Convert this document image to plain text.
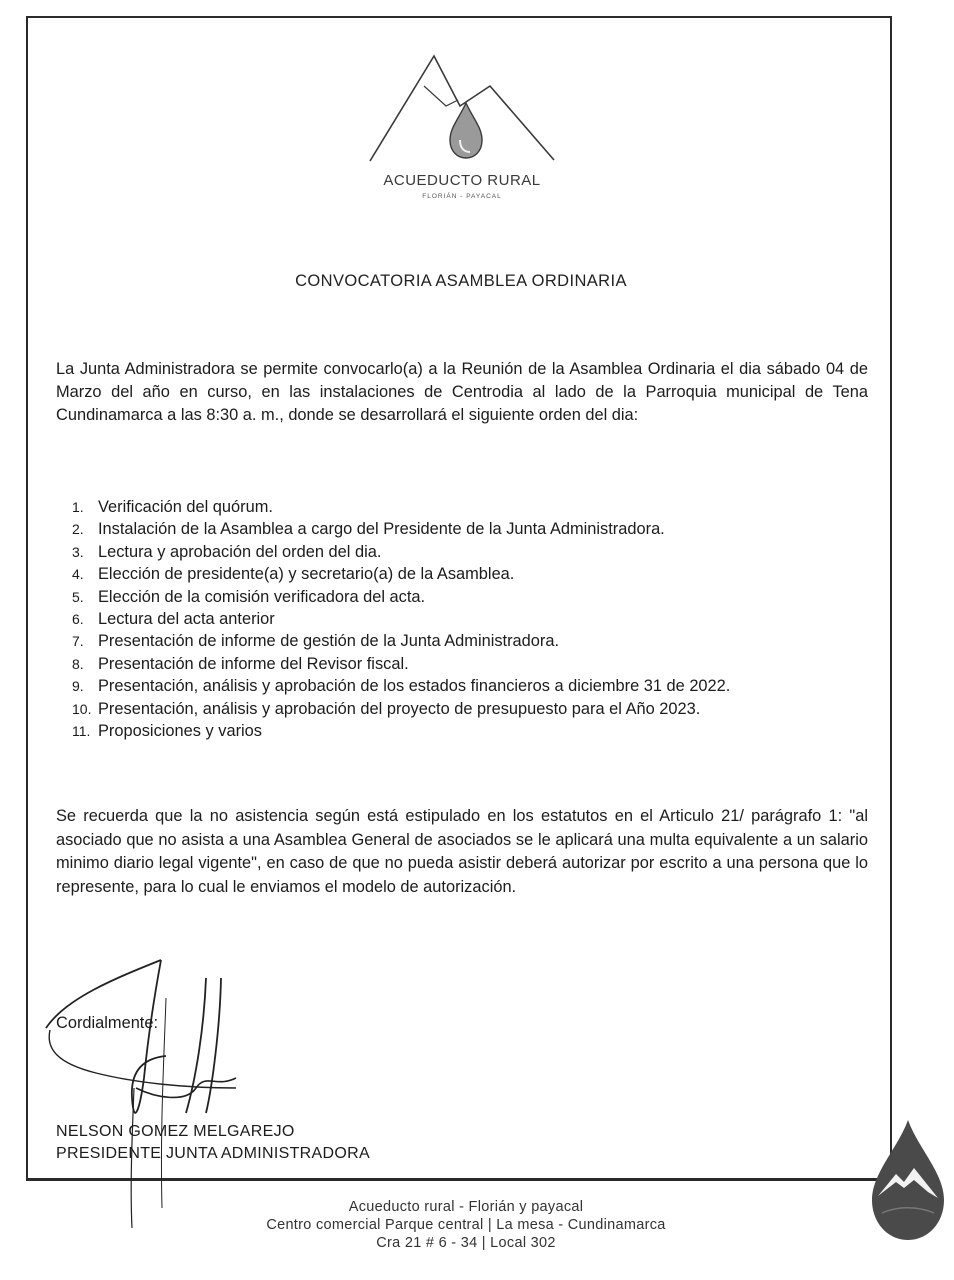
ACUEDUCTO RURAL
FLORIÁN - PAYACAL
CONVOCATORIA ASAMBLEA ORDINARIA

La Junta Administradora se permite convocarlo(a) a la Reunión de la Asamblea Ordinaria el dia sábado 04 de Marzo del año en curso, en las instalaciones de Centrodia al lado de la Parroquia municipal de Tena Cundinamarca a las 8:30 a. m., donde se desarrollará el siguiente orden del dia:

1. Verificación del quórum.
2. Instalación de la Asamblea a cargo del Presidente de la Junta Administradora.
3. Lectura y aprobación del orden del dia.
4. Elección de presidente(a) y secretario(a) de la Asamblea.
5. Elección de la comisión verificadora del acta.
6. Lectura del acta anterior
7. Presentación de informe de gestión de la Junta Administradora.
8. Presentación de informe del Revisor fiscal.
9. Presentación, análisis y aprobación de los estados financieros a diciembre 31 de 2022.
10. Presentación, análisis y aprobación del proyecto de presupuesto para el Año 2023.
11. Proposiciones y varios

Se recuerda que la no asistencia según está estipulado en los estatutos en el Articulo 21/ parágrafo 1: "al asociado que no asista a una Asamblea General de asociados se le aplicará una multa equivalente a un salario minimo diario legal vigente", en caso de que no pueda asistir deberá autorizar por escrito a una persona que lo represente, para lo cual le enviamos el modelo de autorización.

Cordialmente:
NELSON GOMEZ MELGAREJO
PRESIDENTE JUNTA ADMINISTRADORA
Acueducto rural - Florián y payacal
Centro comercial Parque central | La mesa - Cundinamarca
Cra 21 # 6 - 34 | Local 302
